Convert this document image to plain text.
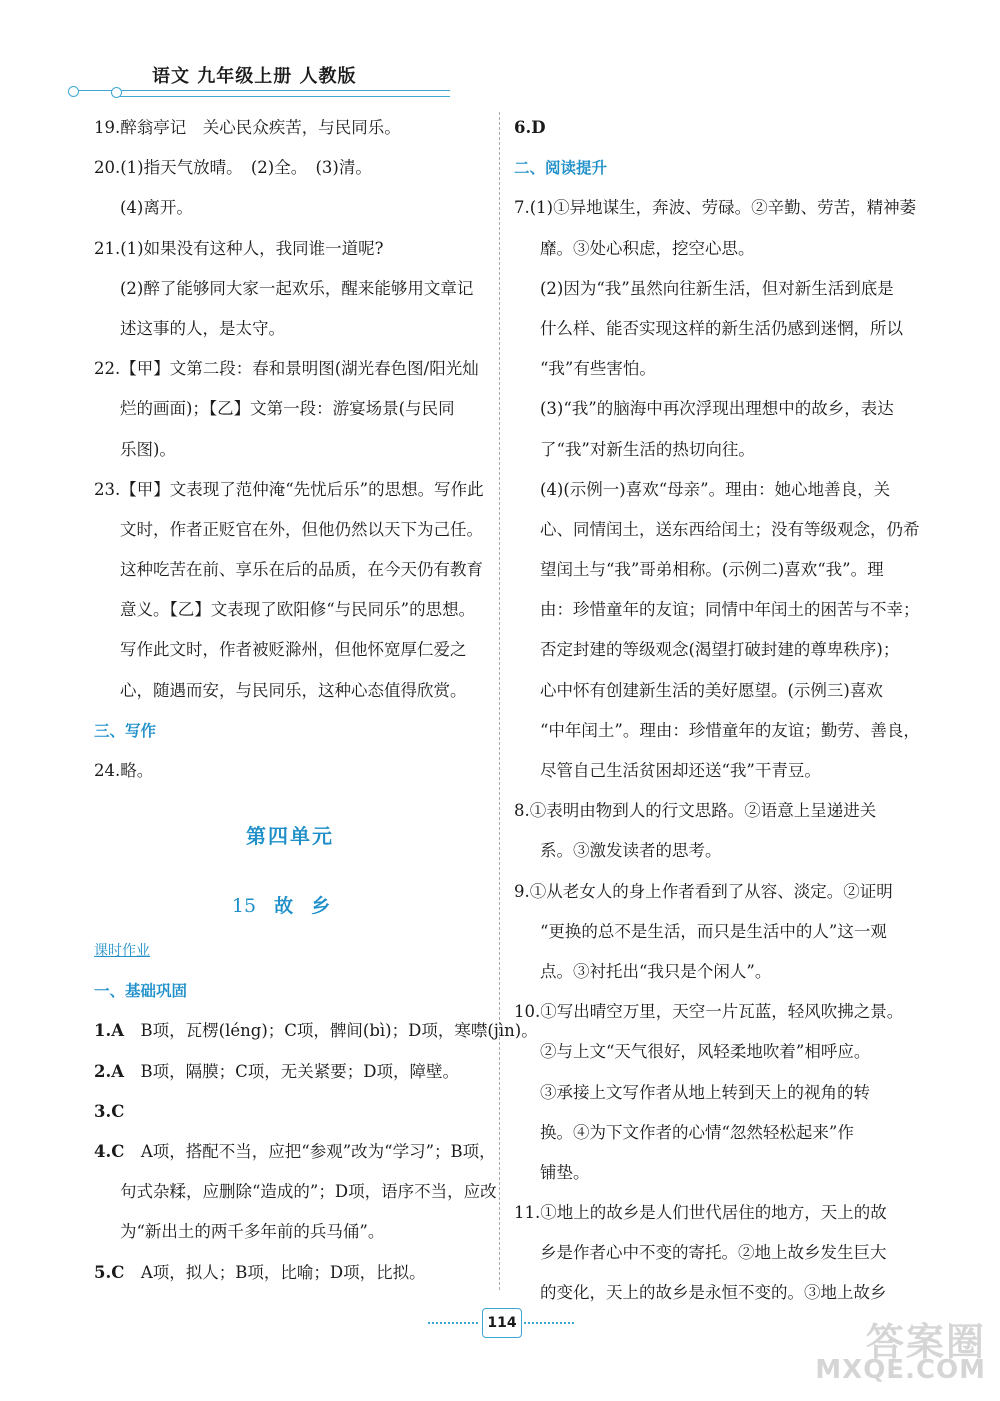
语文 九年级上册 人教版
19.醉翁亭记　关心民众疾苦，与民同乐。
20.(1)指天气放晴。　(2)全。　(3)清。
(4)离开。
21.(1)如果没有这种人，我同谁一道呢?
(2)醉了能够同大家一起欢乐，醒来能够用文章记
述这事的人，是太守。
22.【甲】文第二段：春和景明图(湖光春色图/阳光灿
烂的画面)；【乙】文第一段：游宴场景(与民同
乐图)。
23.【甲】文表现了范仲淹“先忧后乐”的思想。写作此
文时，作者正贬官在外，但他仍然以天下为己任。
这种吃苦在前、享乐在后的品质，在今天仍有教育
意义。【乙】文表现了欧阳修“与民同乐”的思想。
写作此文时，作者被贬滁州，但他怀宽厚仁爱之
心，随遇而安，与民同乐，这种心态值得欣赏。
三、写作
24.略。
第四单元
15 故乡
课时作业
一、基础巩固
1.A　B项，瓦楞(léng)；C项，髀间(bì)；D项，寒噤(jìn)。
2.A　B项，隔膜；C项，无关紧要；D项，障壁。
3.C
4.C　A项，搭配不当，应把“参观”改为“学习”；B项，
句式杂糅，应删除“造成的”；D项，语序不当，应改
为“新出土的两千多年前的兵马俑”。
5.C　A项，拟人；B项，比喻；D项，比拟。
6.D
二、阅读提升
7.(1)①异地谋生，奔波、劳碌。②辛勤、劳苦，精神萎
靡。③处心积虑，挖空心思。
(2)因为“我”虽然向往新生活，但对新生活到底是
什么样、能否实现这样的新生活仍感到迷惘，所以
“我”有些害怕。
(3)“我”的脑海中再次浮现出理想中的故乡，表达
了“我”对新生活的热切向往。
(4)(示例一)喜欢“母亲”。理由：她心地善良，关
心、同情闰土，送东西给闰土；没有等级观念，仍希
望闰土与“我”哥弟相称。(示例二)喜欢“我”。理
由：珍惜童年的友谊；同情中年闰土的困苦与不幸；
否定封建的等级观念(渴望打破封建的尊卑秩序)；
心中怀有创建新生活的美好愿望。(示例三)喜欢
“中年闰土”。理由：珍惜童年的友谊；勤劳、善良，
尽管自己生活贫困却还送“我”干青豆。
8.①表明由物到人的行文思路。②语意上呈递进关
系。③激发读者的思考。
9.①从老女人的身上作者看到了从容、淡定。②证明
“更换的总不是生活，而只是生活中的人”这一观
点。③衬托出“我只是个闲人”。
10.①写出晴空万里，天空一片瓦蓝，轻风吹拂之景。
②与上文“天气很好，风轻柔地吹着”相呼应。
③承接上文写作者从地上转到天上的视角的转
换。④为下文作者的心情“忽然轻松起来”作
铺垫。
11.①地上的故乡是人们世代居住的地方，天上的故
乡是作者心中不变的寄托。②地上故乡发生巨大
的变化，天上的故乡是永恒不变的。③地上故乡
114	答案圈
MXQE.COM
